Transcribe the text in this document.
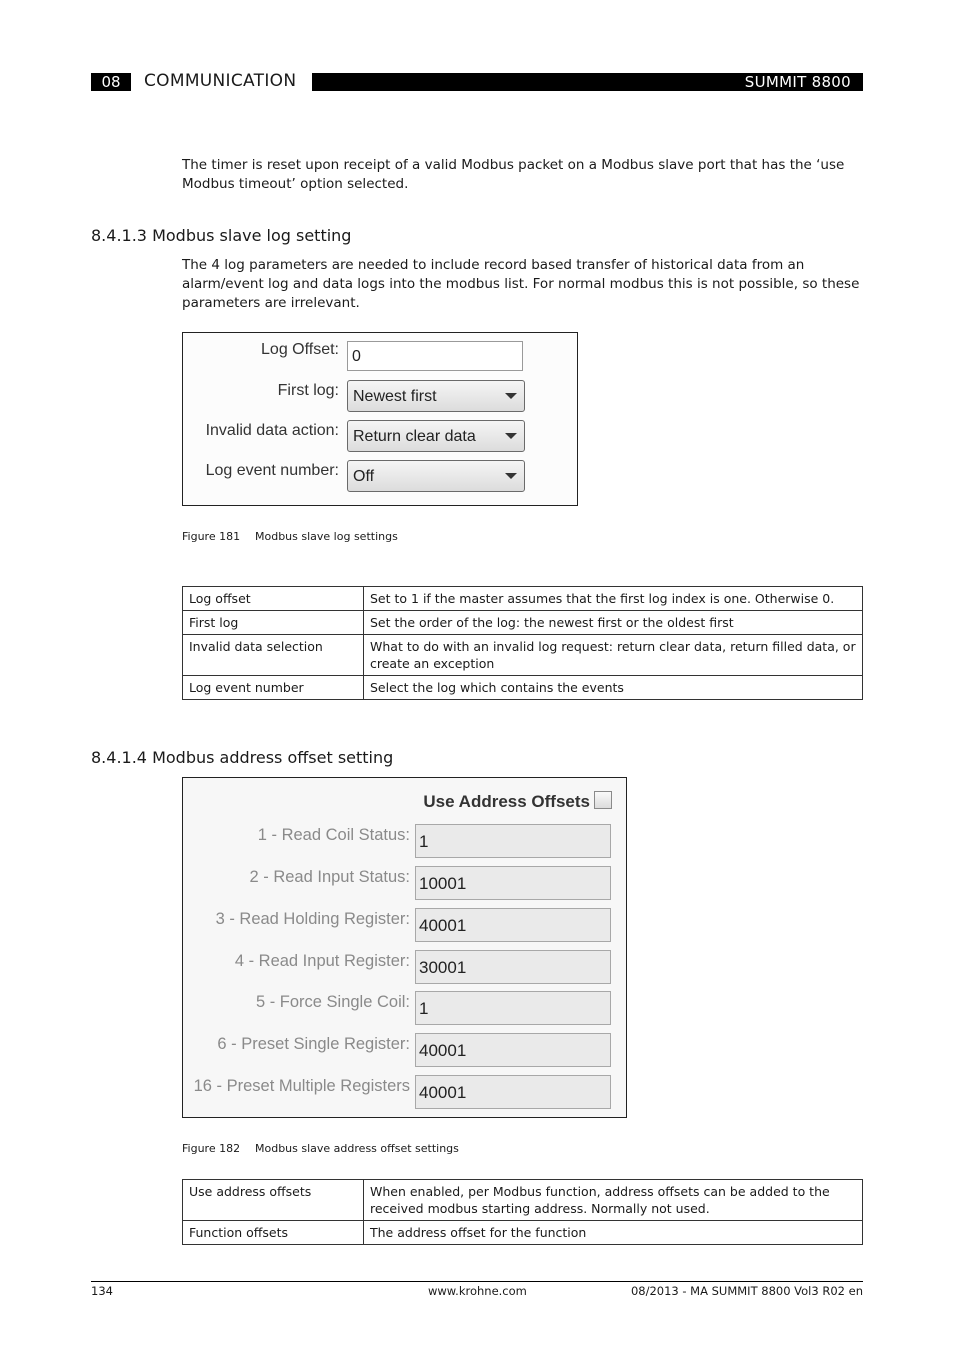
08	COMMUNICATION	SUMMIT 8800
The timer is reset upon receipt of a valid Modbus packet on a Modbus slave port that has the ‘use Modbus timeout’ option selected.
8.4.1.3 Modbus slave log setting
The 4 log parameters are needed to include record based transfer of historical data from an alarm/event log and data logs into the modbus list. For normal modbus this is not possible, so these parameters are irrelevant.
Log Offset: 0
First log: Newest first
Invalid data action: Return clear data
Log event number: Off
Figure 181 Modbus slave log settings
Log offset	Set to 1 if the master assumes that the first log index is one. Otherwise 0.
First log	Set the order of the log: the newest first or the oldest first
Invalid data selection	What to do with an invalid log request: return clear data, return filled data, or create an exception
Log event number	Select the log which contains the events
8.4.1.4 Modbus address offset setting
Use Address Offsets
1 - Read Coil Status: 1
2 - Read Input Status: 10001
3 - Read Holding Register: 40001
4 - Read Input Register: 30001
5 - Force Single Coil: 1
6 - Preset Single Register: 40001
16 - Preset Multiple Registers 40001
Figure 182 Modbus slave address offset settings
Use address offsets	When enabled, per Modbus function, address offsets can be added to the received modbus starting address. Normally not used.
Function offsets	The address offset for the function
134	www.krohne.com	08/2013 - MA SUMMIT 8800 Vol3 R02 en
